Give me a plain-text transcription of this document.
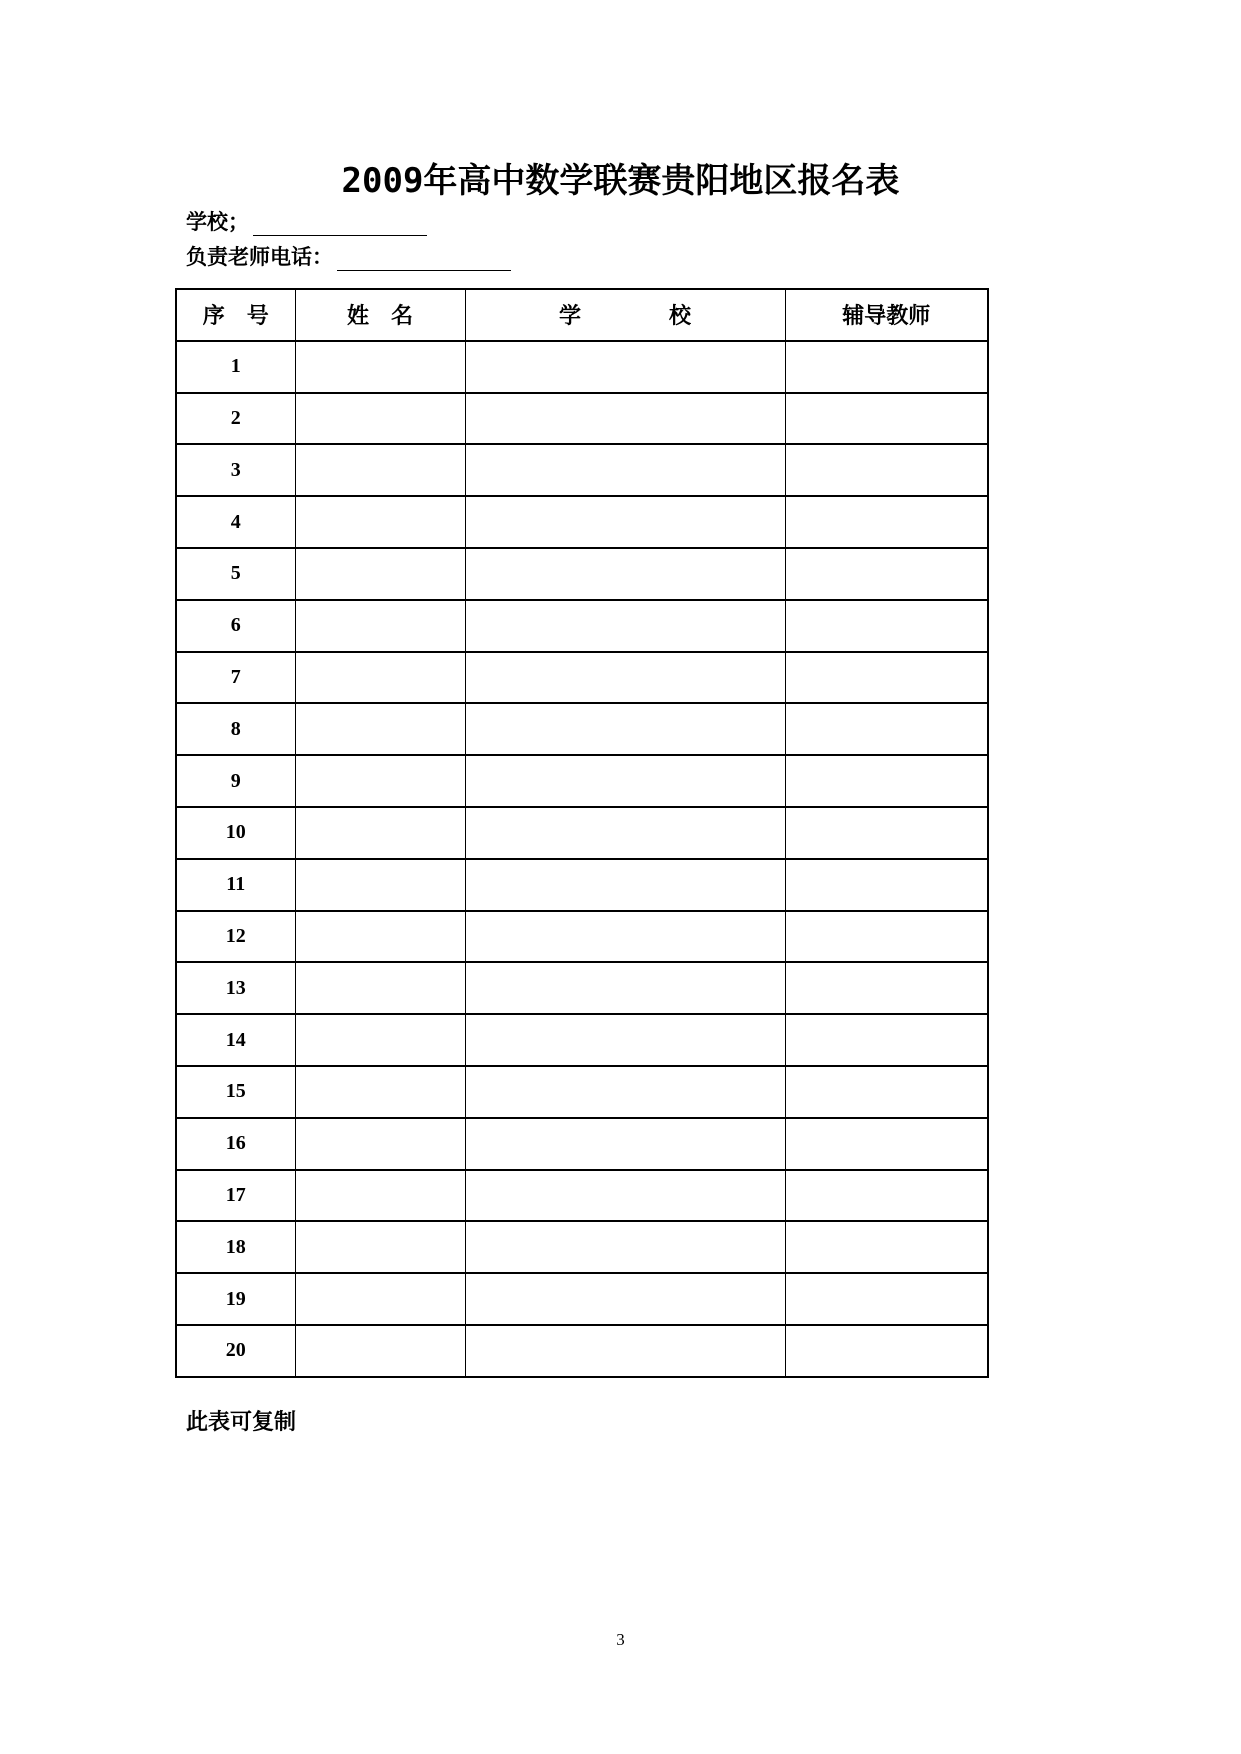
2009年高中数学联赛贵阳地区报名表
学校；
负责老师电话：
序　号	姓　名	学　　　　校	辅导教师
1			
2			
3			
4			
5			
6			
7			
8			
9			
10			
11			
12			
13			
14			
15			
16			
17			
18			
19			
20			
此表可复制
3
